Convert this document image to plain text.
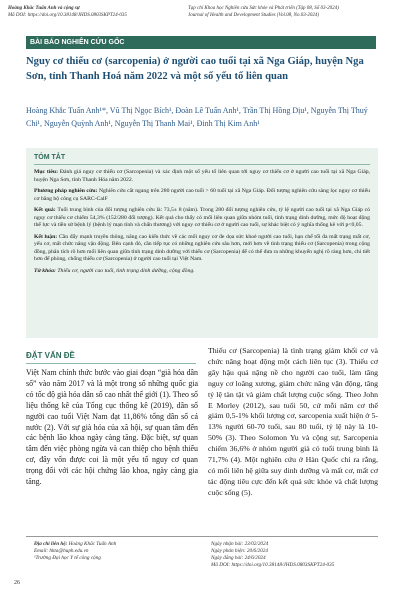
Hoàng Khắc Tuấn Anh và cộng sự
Mã DOI: https://doi.org/10.38148/JHDS.0803SKPT24-035
Tạp chí Khoa học Nghiên cứu Sức khỏe và Phát triển (Tập 08, Số 03-2024)
Journal of Health and Development Studies (Vol.08, No.03-2024)
BÀI BÁO NGHIÊN CỨU GỐC
Nguy cơ thiếu cơ (sarcopenia) ở người cao tuổi tại xã Nga Giáp, huyện Nga Sơn, tỉnh Thanh Hoá năm 2022 và một số yếu tố liên quan
Hoàng Khắc Tuấn Anh¹*, Vũ Thị Ngọc Bích¹, Đoàn Lê Tuấn Anh¹, Trần Thị Hồng Dịu¹, Nguyễn Thị Thuý Chi¹, Nguyễn Quỳnh Anh¹, Nguyễn Thị Thanh Mai¹, Đinh Thị Kim Anh¹
TÓM TẮT

Mục tiêu: Đánh giá nguy cơ thiếu cơ (Sarcopenia) và xác định một số yếu tố liên quan tới nguy cơ thiếu cơ ở người cao tuổi tại xã Nga Giáp, huyện Nga Sơn, tỉnh Thanh Hóa năm 2022.

Phương pháp nghiên cứu: Nghiên cứu cắt ngang trên 280 người cao tuổi > 60 tuổi tại xã Nga Giáp. Đối tượng nghiên cứu sàng lọc nguy cơ thiếu cơ bằng bộ công cụ SARC-CalF

Kết quả: Tuổi trung bình của đối tượng nghiên cứu là: 73,5± 8 (năm). Trong 280 đối tượng nghiên cứu, tỷ lệ người cao tuổi tại xã Nga Giáp có nguy cơ thiếu cơ chiếm 54,3% (152/280 đối tượng). Kết quả cho thấy có mối liên quan giữa nhóm tuổi, tình trạng dinh dưỡng, mức độ hoạt động thể lực và tiền sử bệnh lý (bệnh lý mạn tính và chấn thương) với nguy cơ thiếu cơ ở người cao tuổi, sự khác biệt có ý nghĩa thống kê với p<0,05.

Kết luận: Cần đẩy mạnh truyền thông, nâng cao kiến thức về các mối nguy cơ đe dọa sức khoẻ người cao tuổi, hạn chế tối đa mất trạng mất cơ, yếu cơ, mất chức năng vận động. Bên cạnh đó, cần tiếp tục có những nghiên cứu sâu hơn, mới hơn về tình trạng thiếu cơ (Sarcopenia) trong cộng đồng, phân tích rõ hơn mối liên quan giữa tình trạng dinh dưỡng với thiếu cơ (Sarcopenia) để có thể đưa ra những khuyến nghị rõ ràng hơn, chi tiết hơn để phòng, chống thiếu cơ (Sarcopenia) ở người cao tuổi tại Việt Nam.

Từ khóa: Thiếu cơ, người cao tuổi, tình trạng dinh dưỡng, cộng đồng.

ĐẶT VẤN ĐỀ
Việt Nam chính thức bước vào giai đoạn “già hóa dân số” vào năm 2017 và là một trong số những quốc gia có tốc độ già hóa dân số cao nhất thế giới (1). Theo số liệu thống kê của Tổng cục thống kê (2019), dân số người cao tuổi Việt Nam đạt 11,86% tổng dân số cả nước (2). Với sự già hóa của xã hội, sự quan tâm đến các bệnh lão khoa ngày càng tăng. Đặc biệt, sự quan tâm đến việc phòng ngừa và can thiệp cho bệnh thiếu cơ, đây vốn được coi là một yếu tố nguy cơ quan trọng đối với các hội chứng lão khoa, ngày càng gia tăng.
Thiếu cơ (Sarcopenia) là tình trạng giảm khối cơ và chức năng hoạt động một cách liên tục (3). Thiếu cơ gây hậu quả nặng nề cho người cao tuổi, làm tăng nguy cơ loãng xương, giảm chức năng vận động, tăng tỷ lệ tàn tật và giảm chất lượng cuộc sống. Theo John E Morley (2012), sau tuổi 50, cứ mỗi năm cơ thể giảm 0,5-1% khối lượng cơ, sarcopenia xuất hiện ở 5-13% người 60-70 tuổi, sau 80 tuổi, tỷ lệ này là 10-50% (3). Theo Solomon Yu và cộng sự, Sarcopenia chiếm 36,6% ở nhóm người già có tuổi trung bình là 71,7% (4). Một nghiên cứu ở Hàn Quốc chỉ ra rằng, có mối liên hệ giữa suy dinh dưỡng và mất cơ, mất cơ tác động tiêu cực đến kết quả sức khỏe và chất lượng cuộc sống (5).
Địa chỉ liên hệ: Hoàng Khắc Tuấn Anh
Email: hkta@huph.edu.vn
¹Trường Đại học Y tế công cộng
Ngày nhận bài: 23/02/2024
Ngày phản biện: 20/6/2024
Ngày đăng bài: 24/6/2024
Mã DOI: https://doi.org/10.38148/JHDS.0803SKPT24-035
26
